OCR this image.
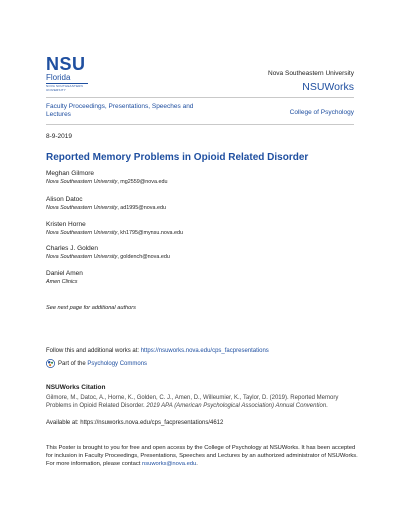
NSU
Florida
NOVA SOUTHEASTERN UNIVERSITY
Nova Southeastern University
NSUWorks
Faculty Proceedings, Presentations, Speeches and Lectures	College of Psychology
8-9-2019
Reported Memory Problems in Opioid Related Disorder
Meghan Gilmore
Nova Southeastern University, mg2559@nova.edu
Alison Datoc
Nova Southeastern University, ad1995@nova.edu
Kristen Horne
Nova Southeastern University, kh1795@mynsu.nova.edu
Charles J. Golden
Nova Southeastern University, goldench@nova.edu
Daniel Amen
Amen Clinics
See next page for additional authors
Follow this and additional works at: https://nsuworks.nova.edu/cps_facpresentations
Part of the Psychology Commons
NSUWorks Citation
Gilmore, M., Datoc, A., Horne, K., Golden, C. J., Amen, D., Willeumier, K., Taylor, D. (2019). Reported Memory Problems in Opioid Related Disorder. 2019 APA (American Psychological Association) Annual Convention.
Available at: https://nsuworks.nova.edu/cps_facpresentations/4612
This Poster is brought to you for free and open access by the College of Psychology at NSUWorks. It has been accepted for inclusion in Faculty Proceedings, Presentations, Speeches and Lectures by an authorized administrator of NSUWorks. For more information, please contact nsuworks@nova.edu.
